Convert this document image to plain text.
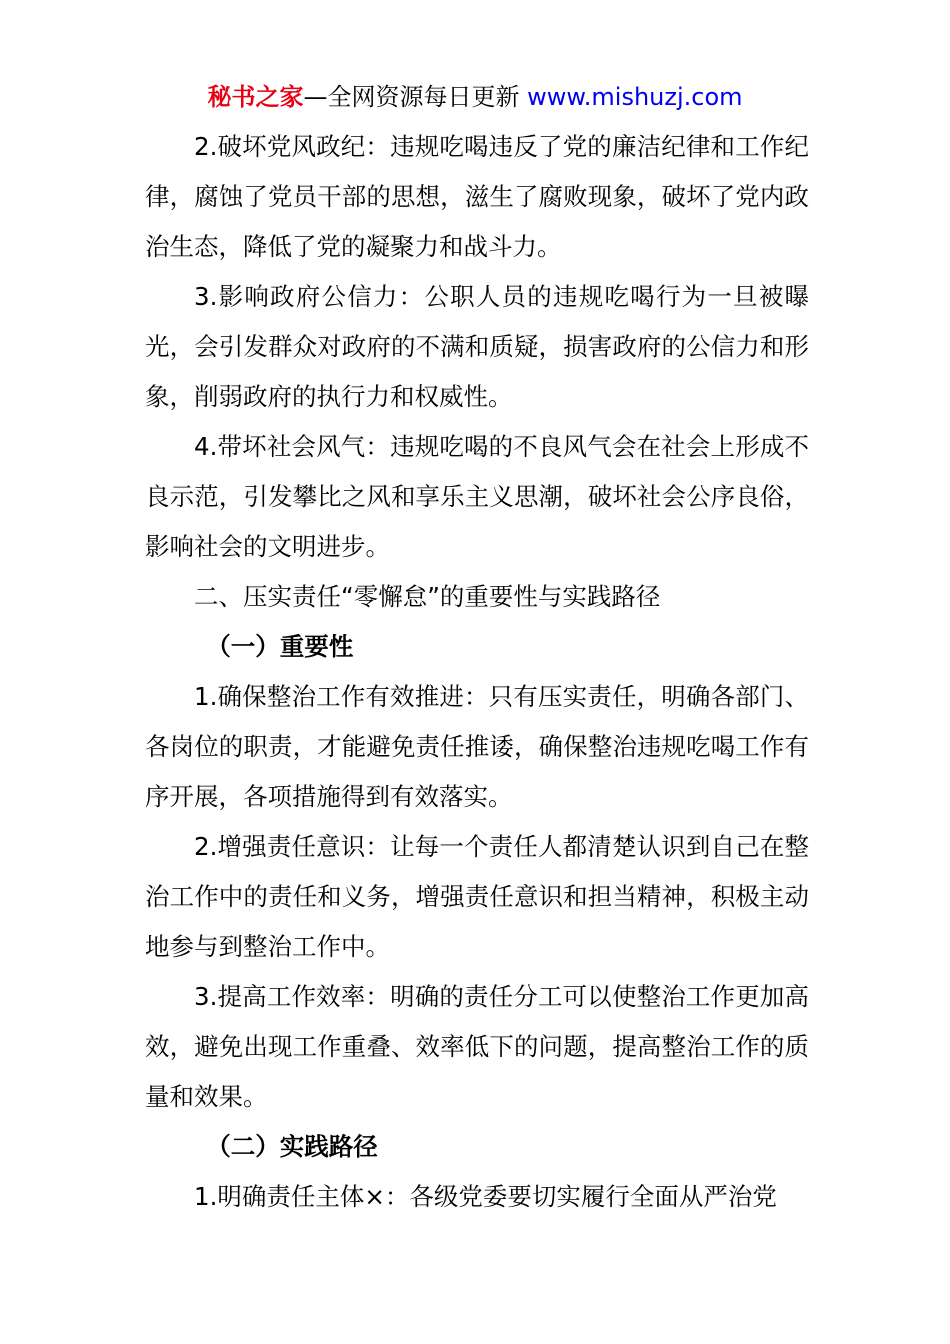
秘书之家—全网资源每日更新 www.mishuzj.com

2.破坏党风政纪：违规吃喝违反了党的廉洁纪律和工作纪律，腐蚀了党员干部的思想，滋生了腐败现象，破坏了党内政治生态，降低了党的凝聚力和战斗力。

3.影响政府公信力：公职人员的违规吃喝行为一旦被曝光，会引发群众对政府的不满和质疑，损害政府的公信力和形象，削弱政府的执行力和权威性。

4.带坏社会风气：违规吃喝的不良风气会在社会上形成不良示范，引发攀比之风和享乐主义思潮，破坏社会公序良俗，影响社会的文明进步。

二、压实责任“零懈怠”的重要性与实践路径

（一）重要性

1.确保整治工作有效推进：只有压实责任，明确各部门、各岗位的职责，才能避免责任推诿，确保整治违规吃喝工作有序开展，各项措施得到有效落实。

2.增强责任意识：让每一个责任人都清楚认识到自己在整治工作中的责任和义务，增强责任意识和担当精神，积极主动地参与到整治工作中。

3.提高工作效率：明确的责任分工可以使整治工作更加高效，避免出现工作重叠、效率低下的问题，提高整治工作的质量和效果。

（二）实践路径

1.明确责任主体×：各级党委要切实履行全面从严治党
